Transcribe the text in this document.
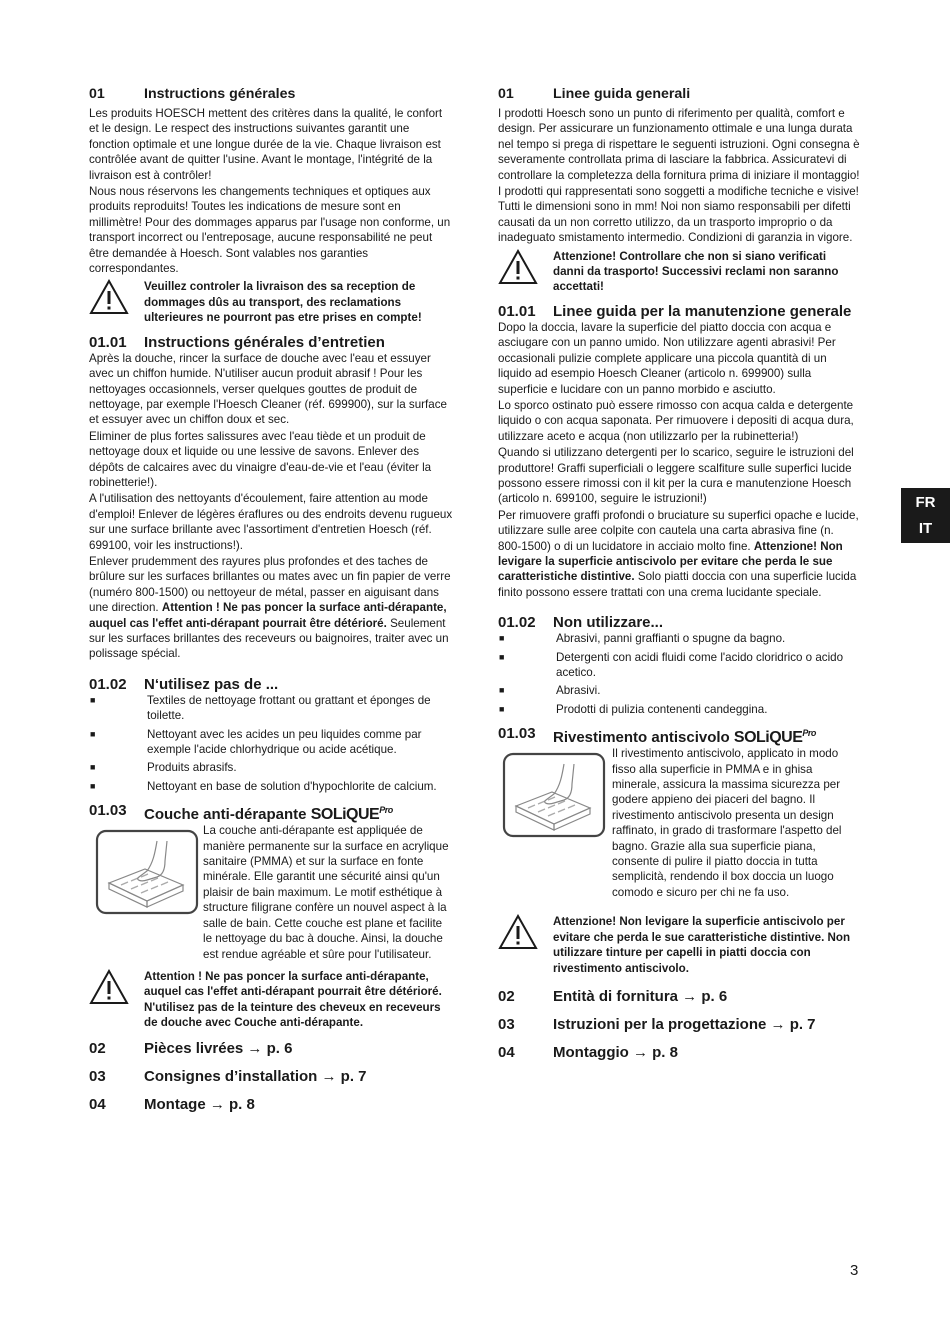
01	Instructions générales

Les produits HOESCH mettent des critères dans la qualité, le confort et le design. Le respect des instructions suivantes garantit une fonction optimale et une longue durée de la vie. Chaque livraison est contrôlée avant de quitter l'usine. Avant le montage, l'intégrité de la livraison est à contrôler!

Nous nous réservons les changements techniques et optiques aux produits reproduits! Toutes les indications de mesure sont en millimètre! Pour des dommages apparus par l'usage non conforme, un transport incorrect ou l'entreposage, aucune responsabilité ne peut être demandée à Hoesch. Sont valables nos garanties correspondantes.

Veuillez controler la livraison des sa reception de dommages dûs au transport, des reclamations ulterieures ne pourront pas etre prises en compte!
01.01	Instructions générales d’entretien

Après la douche, rincer la surface de douche avec l'eau et essuyer avec un chiffon humide. N'utiliser aucun produit abrasif ! Pour les nettoyages occasionnels, verser quelques gouttes de produit de nettoyage, par exemple l'Hoesch Cleaner (réf. 699900), sur la surface et essuyer avec un chiffon doux et sec.

Eliminer de plus fortes salissures avec l'eau tiède et un produit de nettoyage doux et liquide ou une lessive de savons. Enlever des dépôts de calcaires avec du vinaigre d'eau-de-vie et l'eau (éviter la robinetterie!).

A l'utilisation des nettoyants d'écoulement, faire attention au mode d'emploi! Enlever de légères éraflures ou des endroits devenu rugueux sur une surface brillante avec l'assortiment d'entretien Hoesch (réf. 699100, voir les instructions!).

Enlever prudemment des rayures plus profondes et des taches de brûlure sur les surfaces brillantes ou mates avec un fin papier de verre (numéro 800-1500) ou nettoyeur de métal, passer en aiguisant dans une direction. Attention ! Ne pas poncer la surface anti-dérapante, auquel cas l'effet anti-dérapant pourrait être détérioré. Seulement sur les surfaces brillantes des receveurs ou baignoires, traiter avec un polissage spécial.

01.02	N‘utilisez pas de ...
■	Textiles de nettoyage frottant ou grattant et éponges de toilette.
■	Nettoyant avec les acides un peu liquides comme par exemple l'acide chlorhydrique ou acide acétique.
■	Produits abrasifs.
■	Nettoyant en base de solution d'hypochlorite de calcium.
01.03	Couche anti-dérapante SOLiQUE$^{Pro}$

La couche anti-dérapante est appliquée de manière permanente sur la surface en acrylique sanitaire (PMMA) et sur la surface en fonte minérale. Elle garantit une sécurité ainsi qu'un plaisir de bain maximum. Le motif esthétique à structure filigrane confère un nouvel aspect à la salle de bain. Cette couche est plane et facilite le nettoyage du bac à douche. Ainsi, la douche est rendue agréable et sûre pour l'utilisateur.

Attention ! Ne pas poncer la surface anti-dérapante, auquel cas l'effet anti-dérapant pourrait être détérioré. N'utilisez pas de la teinture des cheveux en receveurs de douche avec Couche anti-dérapante.
02	Pièces livrées → p. 6
03	Consignes d’installation → p. 7
04	Montage → p. 8
01	Linee guida generali

I prodotti Hoesch sono un punto di riferimento per qualità, comfort e design. Per assicurare un funzionamento ottimale e una lunga durata nel tempo si prega di rispettare le seguenti istruzioni. Ogni consegna è severamente controllata prima di lasciare la fabbrica. Assicuratevi di controllare la completezza della fornitura prima di iniziare il montaggio!

I prodotti qui rappresentati sono soggetti a modifiche tecniche e visive! Tutti le dimensioni sono in mm! Noi non siamo responsabili per difetti causati da un non corretto utilizzo, da un trasporto improprio o da inadeguato smistamento intermedio. Condizioni di garanzia in vigore.

Attenzione! Controllare che non si siano verificati danni da trasporto! Successivi reclami non saranno accettati!
01.01	Linee guida per la manutenzione generale

Dopo la doccia, lavare la superficie del piatto doccia con acqua e asciugare con un panno umido. Non utilizzare agenti abrasivi! Per occasionali pulizie complete applicare una piccola quantità di un liquido ad esempio Hoesch Cleaner (articolo n. 699900) sulla superficie e lucidare con un panno morbido e asciutto.

Lo sporco ostinato può essere rimosso con acqua calda e detergente liquido o con acqua saponata. Per rimuovere i depositi di acqua dura, utilizzare aceto e acqua (non utilizzarlo per la rubinetteria!)

Quando si utilizzano detergenti per lo scarico, seguire le istruzioni del produttore! Graffi superficiali o leggere scalfiture sulle superfici lucide possono essere rimossi con il kit per la cura e manutenzione Hoesch (articolo n. 699100, seguire le istruzioni!)

Per rimuovere graffi profondi o bruciature su superfici opache e lucide, utilizzare sulle aree colpite con cautela una carta abrasiva fine (n. 800-1500) o di un lucidatore in acciaio molto fine. Attenzione! Non levigare la superficie antiscivolo per evitare che perda le sue caratteristiche distintive. Solo piatti doccia con una superficie lucida finito possono essere trattati con una crema lucidante speciale.

01.02	Non utilizzare...
■	Abrasivi, panni graffianti o spugne da bagno.
■	Detergenti con acidi fluidi come l'acido cloridrico o acido acetico.
■	Abrasivi.
■	Prodotti di pulizia contenenti candeggina.
01.03	Rivestimento antiscivolo SOLiQUE$^{Pro}$

Il rivestimento antiscivolo, applicato in modo fisso alla superficie in PMMA e in ghisa minerale, assicura la massima sicurezza per godere appieno dei piaceri del bagno. Il rivestimento antiscivolo presenta un design raffinato, in grado di trasformare l'aspetto del bagno. Grazie alla sua superficie piana, consente di pulire il piatto doccia in tutta semplicità, rendendo il box doccia un luogo comodo e sicuro per chi ne fa uso.

Attenzione! Non levigare la superficie antiscivolo per evitare che perda le sue caratteristiche distintive. Non utilizzare tinture per capelli in piatti doccia con rivestimento antiscivolo.
02	Entità di fornitura → p. 6
03	Istruzioni per la progettazione → p. 7
04	Montaggio → p. 8
FR
IT
3
